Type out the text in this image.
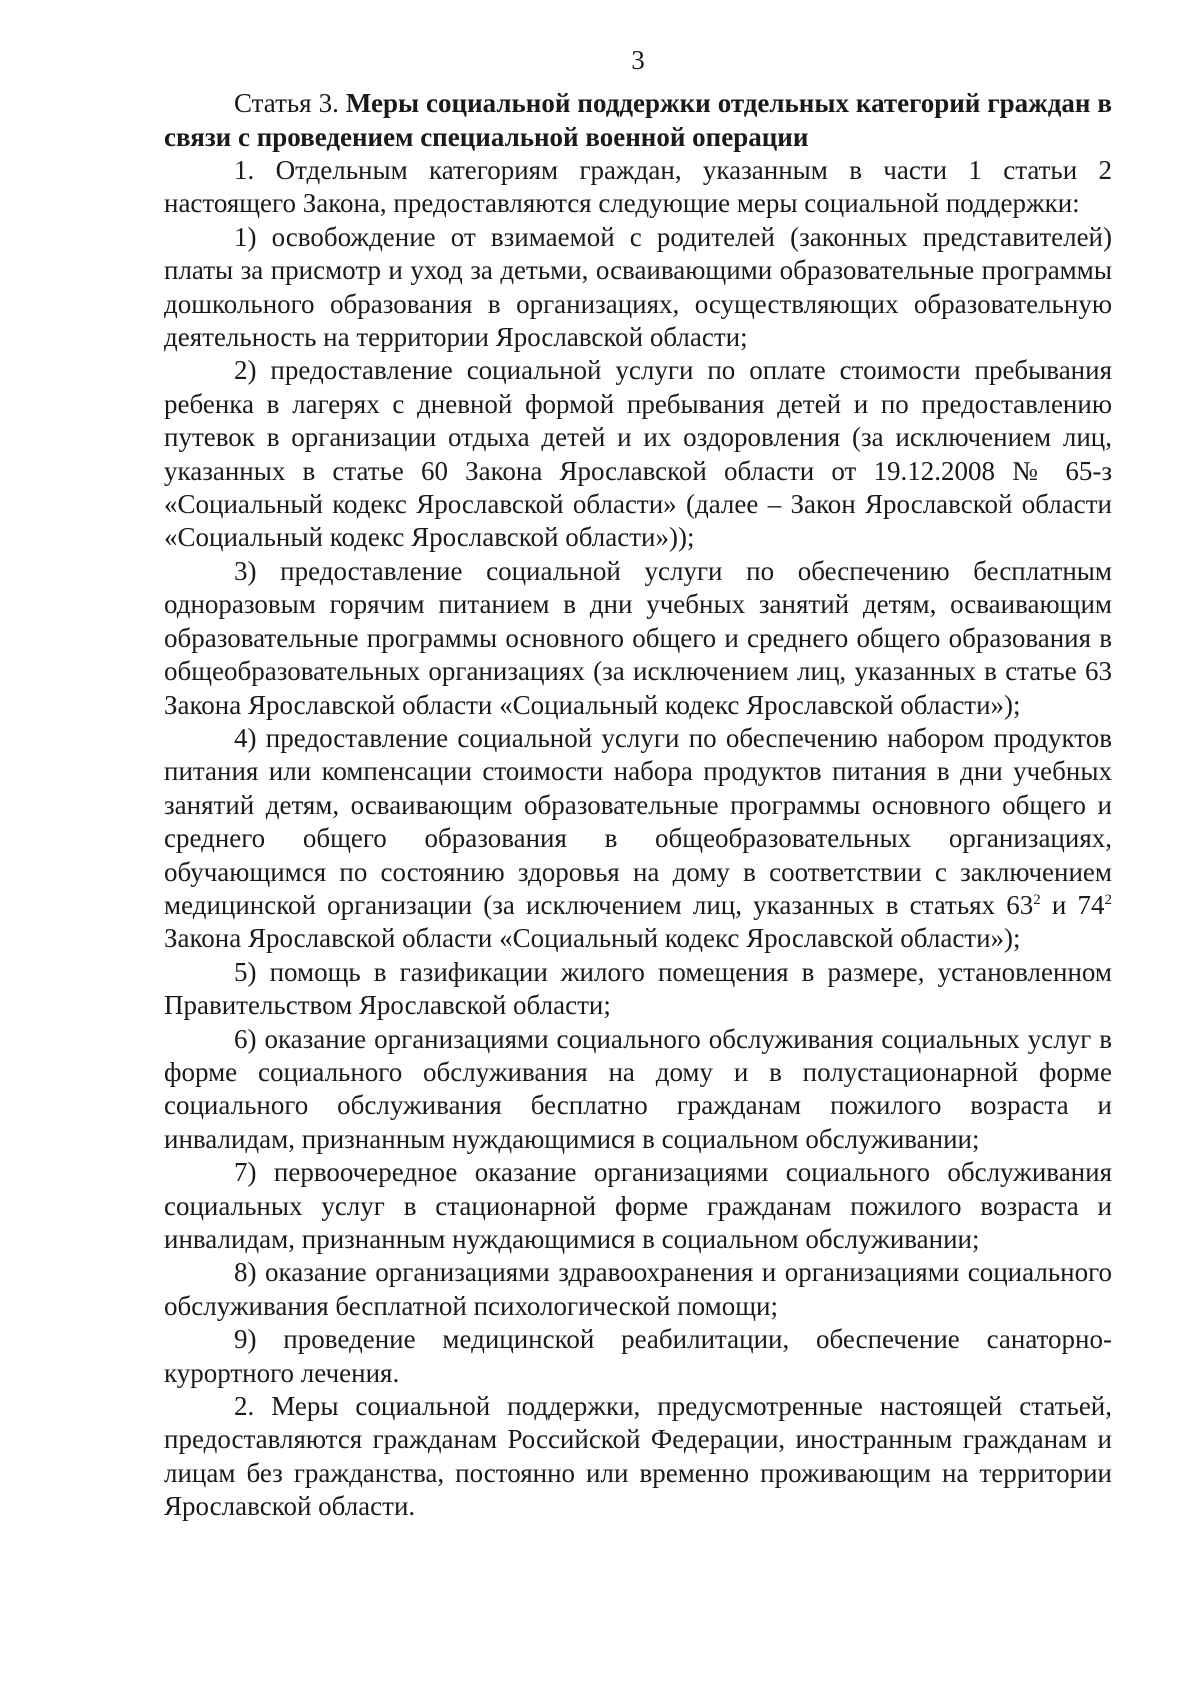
3
Статья 3. Меры социальной поддержки отдельных категорий граждан в связи с проведением специальной военной операции

1. Отдельным категориям граждан, указанным в части 1 статьи 2 настоящего Закона, предоставляются следующие меры социальной поддержки:

1) освобождение от взимаемой с родителей (законных представителей) платы за присмотр и уход за детьми, осваивающими образовательные программы дошкольного образования в организациях, осуществляющих образовательную деятельность на территории Ярославской области;

2) предоставление социальной услуги по оплате стоимости пребывания ребенка в лагерях с дневной формой пребывания детей и по предоставлению путевок в организации отдыха детей и их оздоровления (за исключением лиц, указанных в статье 60 Закона Ярославской области от 19.12.2008 № 65-з «Социальный кодекс Ярославской области» (далее – Закон Ярославской области «Социальный кодекс Ярославской области»));

3) предоставление социальной услуги по обеспечению бесплатным одноразовым горячим питанием в дни учебных занятий детям, осваивающим образовательные программы основного общего и среднего общего образования в общеобразовательных организациях (за исключением лиц, указанных в статье 63 Закона Ярославской области «Социальный кодекс Ярославской области»);

4) предоставление социальной услуги по обеспечению набором продуктов питания или компенсации стоимости набора продуктов питания в дни учебных занятий детям, осваивающим образовательные программы основного общего и среднего общего образования в общеобразовательных организациях, обучающимся по состоянию здоровья на дому в соответствии с заключением медицинской организации (за исключением лиц, указанных в статьях $63^2$ и $74^2$ Закона Ярославской области «Социальный кодекс Ярославской области»);

5) помощь в газификации жилого помещения в размере, установленном Правительством Ярославской области;

6) оказание организациями социального обслуживания социальных услуг в форме социального обслуживания на дому и в полустационарной форме социального обслуживания бесплатно гражданам пожилого возраста и инвалидам, признанным нуждающимися в социальном обслуживании;

7) первоочередное оказание организациями социального обслуживания социальных услуг в стационарной форме гражданам пожилого возраста и инвалидам, признанным нуждающимися в социальном обслуживании;

8) оказание организациями здравоохранения и организациями социального обслуживания бесплатной психологической помощи;

9) проведение медицинской реабилитации, обеспечение санаторно-курортного лечения.

2. Меры социальной поддержки, предусмотренные настоящей статьей, предоставляются гражданам Российской Федерации, иностранным гражданам и лицам без гражданства, постоянно или временно проживающим на территории Ярославской области.
